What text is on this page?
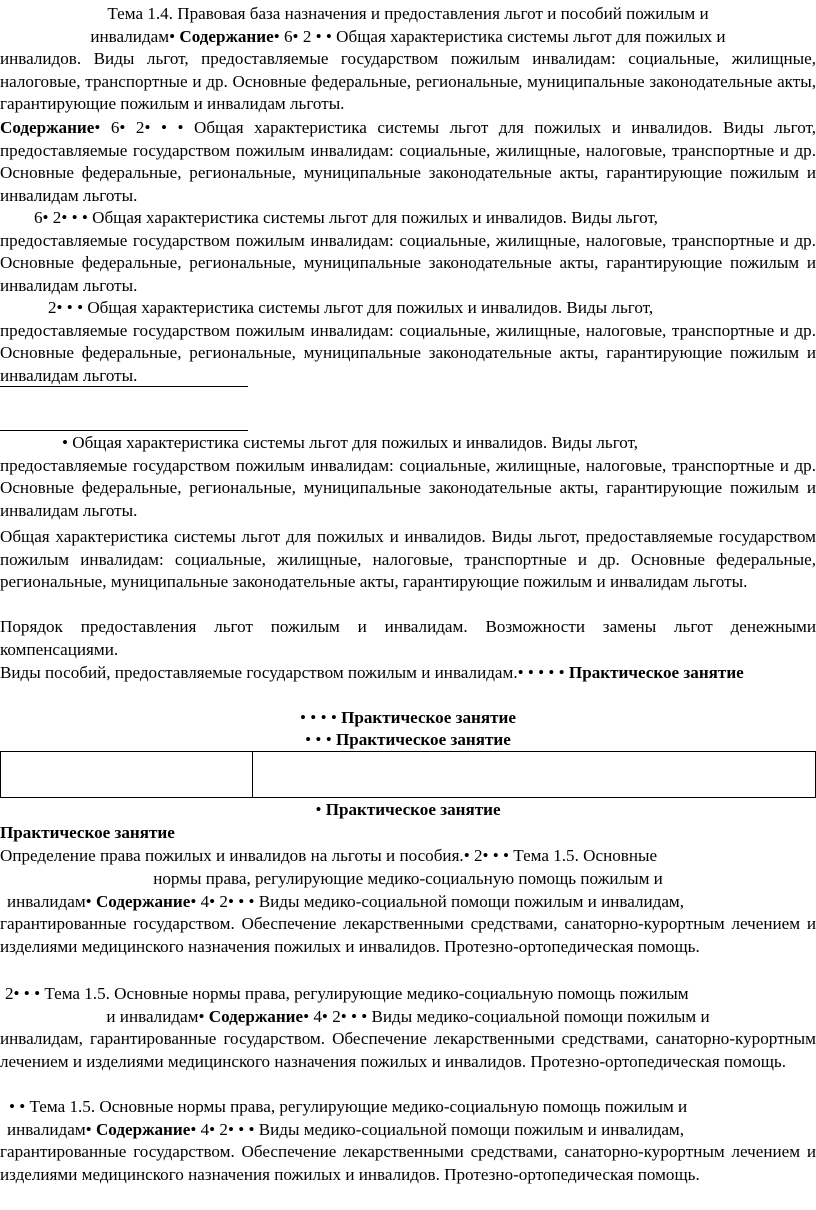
Тема 1.4. Правовая база назначения и предоставления льгот и пособий пожилым и
инвалидам• Содержание• 6• 2 • • Общая характеристика системы льгот для пожилых и
инвалидов. Виды льгот, предоставляемые государством пожилым инвалидам: социальные, жилищные, налоговые, транспортные и др. Основные федеральные, региональные, муниципальные законодательные акты, гарантирующие пожилым и инвалидам льготы.
Содержание• 6• 2• • • Общая характеристика системы льгот для пожилых и инвалидов. Виды льгот, предоставляемые государством пожилым инвалидам: социальные, жилищные, налоговые, транспортные и др. Основные федеральные, региональные, муниципальные законодательные акты, гарантирующие пожилым и инвалидам льготы.
6• 2• • • Общая характеристика системы льгот для пожилых и инвалидов. Виды льгот,
предоставляемые государством пожилым инвалидам: социальные, жилищные, налоговые, транспортные и др. Основные федеральные, региональные, муниципальные законодательные акты, гарантирующие пожилым и инвалидам льготы.
2• • • Общая характеристика системы льгот для пожилых и инвалидов. Виды льгот,
предоставляемые государством пожилым инвалидам: социальные, жилищные, налоговые, транспортные и др. Основные федеральные, региональные, муниципальные законодательные акты, гарантирующие пожилым и инвалидам льготы.
• Общая характеристика системы льгот для пожилых и инвалидов. Виды льгот,
предоставляемые государством пожилым инвалидам: социальные, жилищные, налоговые, транспортные и др. Основные федеральные, региональные, муниципальные законодательные акты, гарантирующие пожилым и инвалидам льготы.
Общая характеристика системы льгот для пожилых и инвалидов. Виды льгот, предоставляемые государством пожилым инвалидам: социальные, жилищные, налоговые, транспортные и др. Основные федеральные, региональные, муниципальные законодательные акты, гарантирующие пожилым и инвалидам льготы.
Порядок предоставления льгот пожилым и инвалидам. Возможности замены льгот денежными компенсациями.
Виды пособий, предоставляемые государством пожилым и инвалидам.• • • • • Практическое занятие
• • • • Практическое занятие
• • • Практическое занятие

• Практическое занятие
Практическое занятие
Определение права пожилых и инвалидов на льготы и пособия.• 2• • • Тема 1.5. Основные
нормы права, регулирующие медико-социальную помощь пожилым и
инвалидам• Содержание• 4• 2• • • Виды медико-социальной помощи пожилым и инвалидам,
гарантированные государством. Обеспечение лекарственными средствами, санаторно-курортным лечением и изделиями медицинского назначения пожилых и инвалидов. Протезно-ортопедическая помощь.
2• • • Тема 1.5. Основные нормы права, регулирующие медико-социальную помощь пожилым
и инвалидам• Содержание• 4• 2• • • Виды медико-социальной помощи пожилым и
инвалидам, гарантированные государством. Обеспечение лекарственными средствами, санаторно-курортным лечением и изделиями медицинского назначения пожилых и инвалидов. Протезно-ортопедическая помощь.
• • Тема 1.5. Основные нормы права, регулирующие медико-социальную помощь пожилым и
инвалидам• Содержание• 4• 2• • • Виды медико-социальной помощи пожилым и инвалидам,
гарантированные государством. Обеспечение лекарственными средствами, санаторно-курортным лечением и изделиями медицинского назначения пожилых и инвалидов. Протезно-ортопедическая помощь.
